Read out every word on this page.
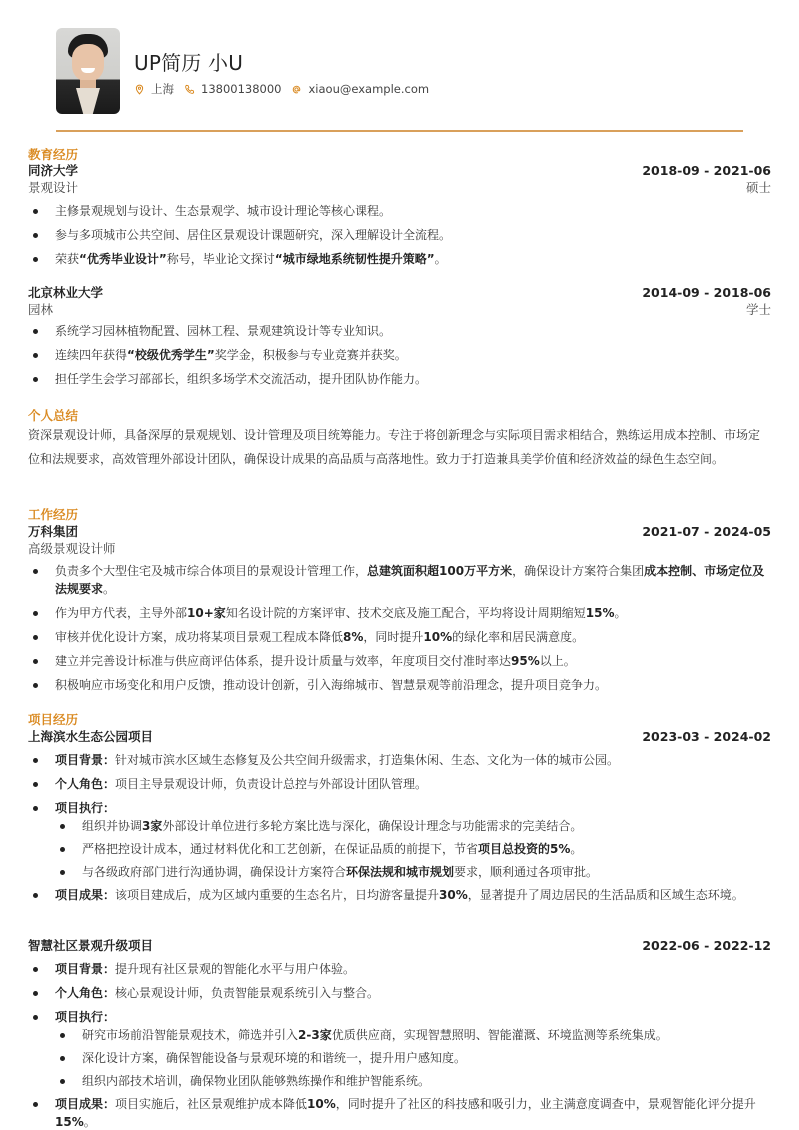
UP简历 小U
上海 13800138000 xiaou@example.com
教育经历
同济大学	2018-09 - 2021-06
景观设计	硕士
主修景观规划与设计、生态景观学、城市设计理论等核心课程。
参与多项城市公共空间、居住区景观设计课题研究，深入理解设计全流程。
荣获“优秀毕业设计”称号，毕业论文探讨“城市绿地系统韧性提升策略”。
北京林业大学	2014-09 - 2018-06
园林	学士
系统学习园林植物配置、园林工程、景观建筑设计等专业知识。
连续四年获得“校级优秀学生”奖学金，积极参与专业竞赛并获奖。
担任学生会学习部部长，组织多场学术交流活动，提升团队协作能力。
个人总结
资深景观设计师，具备深厚的景观规划、设计管理及项目统筹能力。专注于将创新理念与实际项目需求相结合，熟练运用成本控制、市场定位和法规要求，高效管理外部设计团队，确保设计成果的高品质与高落地性。致力于打造兼具美学价值和经济效益的绿色生态空间。
工作经历
万科集团	2021-07 - 2024-05
高级景观设计师
负责多个大型住宅及城市综合体项目的景观设计管理工作，总建筑面积超100万平方米，确保设计方案符合集团成本控制、市场定位及法规要求。
作为甲方代表，主导外部10+家知名设计院的方案评审、技术交底及施工配合，平均将设计周期缩短15%。
审核并优化设计方案，成功将某项目景观工程成本降低8%，同时提升10%的绿化率和居民满意度。
建立并完善设计标准与供应商评估体系，提升设计质量与效率，年度项目交付准时率达95%以上。
积极响应市场变化和用户反馈，推动设计创新，引入海绵城市、智慧景观等前沿理念，提升项目竞争力。
项目经历
上海滨水生态公园项目	2023-03 - 2024-02
项目背景：针对城市滨水区域生态修复及公共空间升级需求，打造集休闲、生态、文化为一体的城市公园。
个人角色：项目主导景观设计师，负责设计总控与外部设计团队管理。
项目执行：
组织并协调3家外部设计单位进行多轮方案比选与深化，确保设计理念与功能需求的完美结合。
严格把控设计成本，通过材料优化和工艺创新，在保证品质的前提下，节省项目总投资的5%。
与各级政府部门进行沟通协调，确保设计方案符合环保法规和城市规划要求，顺利通过各项审批。
项目成果：该项目建成后，成为区域内重要的生态名片，日均游客量提升30%，显著提升了周边居民的生活品质和区域生态环境。
智慧社区景观升级项目	2022-06 - 2022-12
项目背景：提升现有社区景观的智能化水平与用户体验。
个人角色：核心景观设计师，负责智能景观系统引入与整合。
项目执行：
研究市场前沿智能景观技术，筛选并引入2-3家优质供应商，实现智慧照明、智能灌溉、环境监测等系统集成。
深化设计方案，确保智能设备与景观环境的和谐统一，提升用户感知度。
组织内部技术培训，确保物业团队能够熟练操作和维护智能系统。
项目成果：项目实施后，社区景观维护成本降低10%，同时提升了社区的科技感和吸引力，业主满意度调查中，景观智能化评分提升15%。
